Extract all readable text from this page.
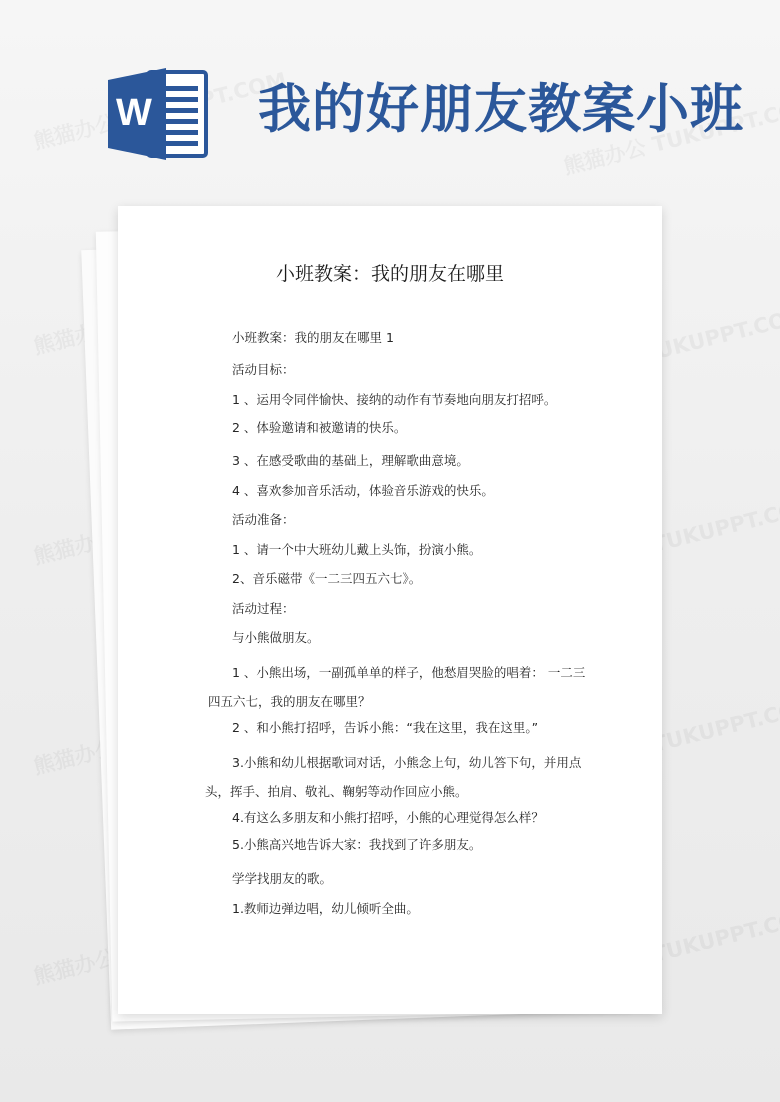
W 我的好朋友教案小班
小班教案：我的朋友在哪里
小班教案：我的朋友在哪里 1
活动目标：
1 、运用令同伴愉快、接纳的动作有节奏地向朋友打招呼。
2 、体验邀请和被邀请的快乐。
3 、在感受歌曲的基础上，理解歌曲意境。
4 、喜欢参加音乐活动，体验音乐游戏的快乐。
活动准备：
1 、请一个中大班幼儿戴上头饰，扮演小熊。
2、音乐磁带《一二三四五六七》。
活动过程：
与小熊做朋友。
1 、小熊出场，一副孤单单的样子，他愁眉哭脸的唱着： 一二三
四五六七，我的朋友在哪里？
2 、和小熊打招呼，告诉小熊：“我在这里，我在这里。”
3.小熊和幼儿根据歌词对话，小熊念上句，幼儿答下句，并用点
头，挥手、拍肩、敬礼、鞠躬等动作回应小熊。
4.有这么多朋友和小熊打招呼，小熊的心理觉得怎么样？
5.小熊高兴地告诉大家：我找到了许多朋友。
学学找朋友的歌。
1.教师边弹边唱，幼儿倾听全曲。
